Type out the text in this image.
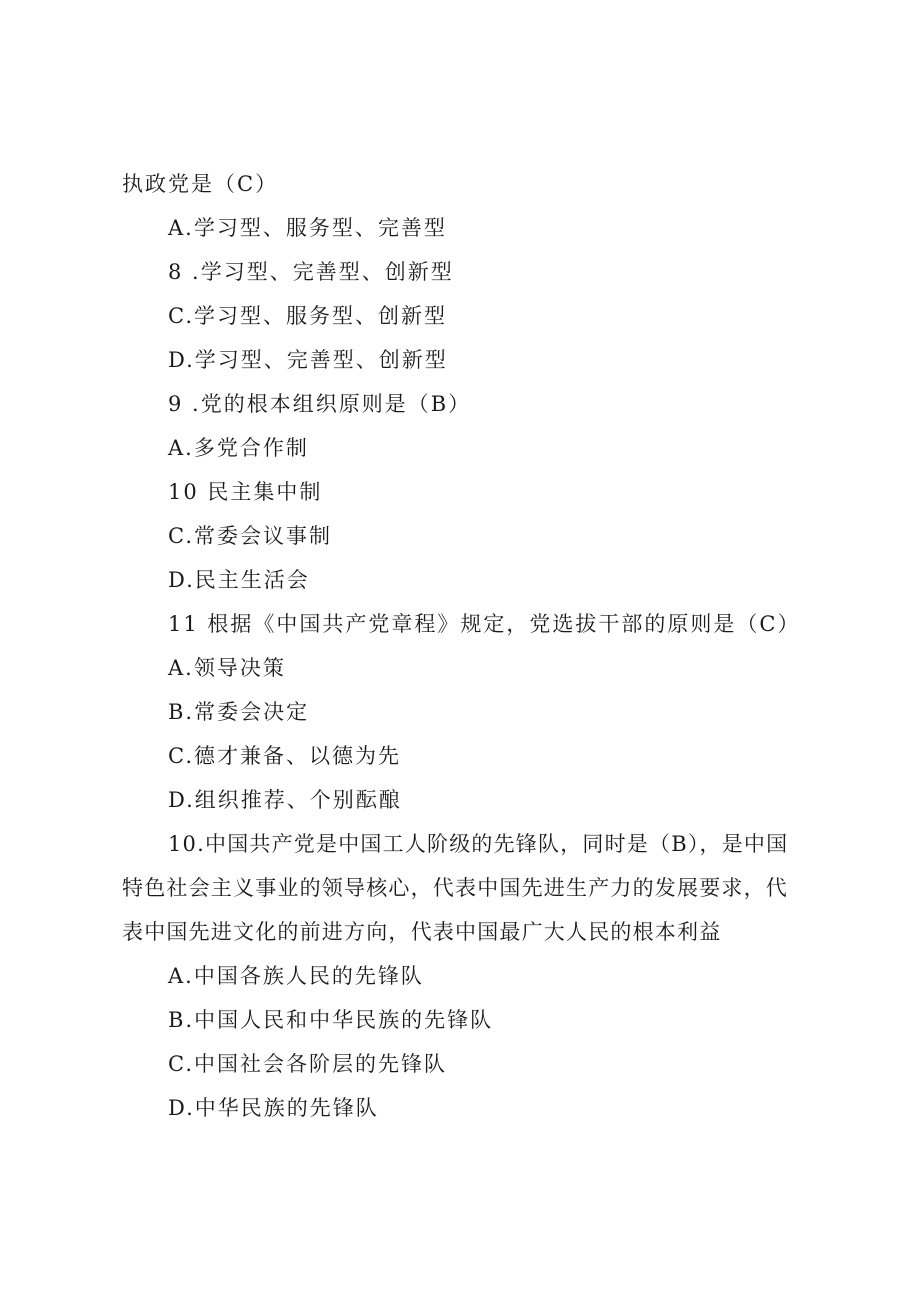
执政党是（C）
A.学习型、服务型、完善型
8 .学习型、完善型、创新型
C.学习型、服务型、创新型
D.学习型、完善型、创新型
9 .党的根本组织原则是（B）
A.多党合作制
10 民主集中制
C.常委会议事制
D.民主生活会
11 根据《中国共产党章程》规定，党选拔干部的原则是（C）
A.领导决策
B.常委会决定
C.德才兼备、以德为先
D.组织推荐、个别酝酿
10.中国共产党是中国工人阶级的先锋队，同时是（B），是中国
特色社会主义事业的领导核心，代表中国先进生产力的发展要求，代
表中国先进文化的前进方向，代表中国最广大人民的根本利益
A.中国各族人民的先锋队
B.中国人民和中华民族的先锋队
C.中国社会各阶层的先锋队
D.中华民族的先锋队
